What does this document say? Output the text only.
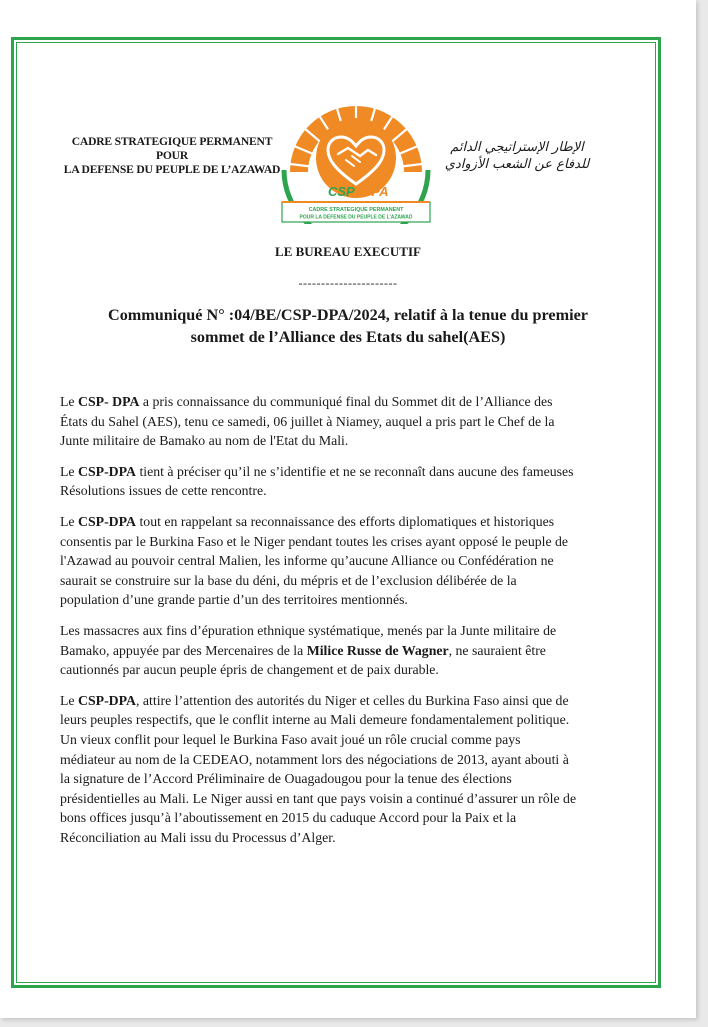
CADRE STRATEGIQUE PERMANENT
POUR
LA DEFENSE DU PEUPLE DE L’AZAWAD
CSP DPA
CADRE STRATEGIQUE PERMANENT
POUR LA DEFENSE DU PEUPLE DE L’AZAWAD
الإطار الإستراتيجي الدائم
للدفاع عن الشعب الأزوادي
LE BUREAU EXECUTIF
----------------------
Communiqué N° :04/BE/CSP-DPA/2024, relatif à la tenue du premier
sommet de l’Alliance des Etats du sahel(AES)

Le CSP- DPA a pris connaissance du communiqué final du Sommet dit de l’Alliance des
États du Sahel (AES), tenu ce samedi, 06 juillet à Niamey, auquel a pris part le Chef de la
Junte militaire de Bamako au nom de l'Etat du Mali.

Le CSP-DPA tient à préciser qu’il ne s’identifie et ne se reconnaît dans aucune des fameuses
Résolutions issues de cette rencontre.

Le CSP-DPA tout en rappelant sa reconnaissance des efforts diplomatiques et historiques
consentis par le Burkina Faso et le Niger pendant toutes les crises ayant opposé le peuple de
l'Azawad au pouvoir central Malien, les informe qu’aucune Alliance ou Confédération ne
saurait se construire sur la base du déni, du mépris et de l’exclusion délibérée de la
population d’une grande partie d’un des territoires mentionnés.

Les massacres aux fins d’épuration ethnique systématique, menés par la Junte militaire de
Bamako, appuyée par des Mercenaires de la Milice Russe de Wagner, ne sauraient être
cautionnés par aucun peuple épris de changement et de paix durable.

Le CSP-DPA, attire l’attention des autorités du Niger et celles du Burkina Faso ainsi que de
leurs peuples respectifs, que le conflit interne au Mali demeure fondamentalement politique.
Un vieux conflit pour lequel le Burkina Faso avait joué un rôle crucial comme pays
médiateur au nom de la CEDEAO, notamment lors des négociations de 2013, ayant abouti à
la signature de l’Accord Préliminaire de Ouagadougou pour la tenue des élections
présidentielles au Mali. Le Niger aussi en tant que pays voisin a continué d’assurer un rôle de
bons offices jusqu’à l’aboutissement en 2015 du caduque Accord pour la Paix et la
Réconciliation au Mali issu du Processus d’Alger.
